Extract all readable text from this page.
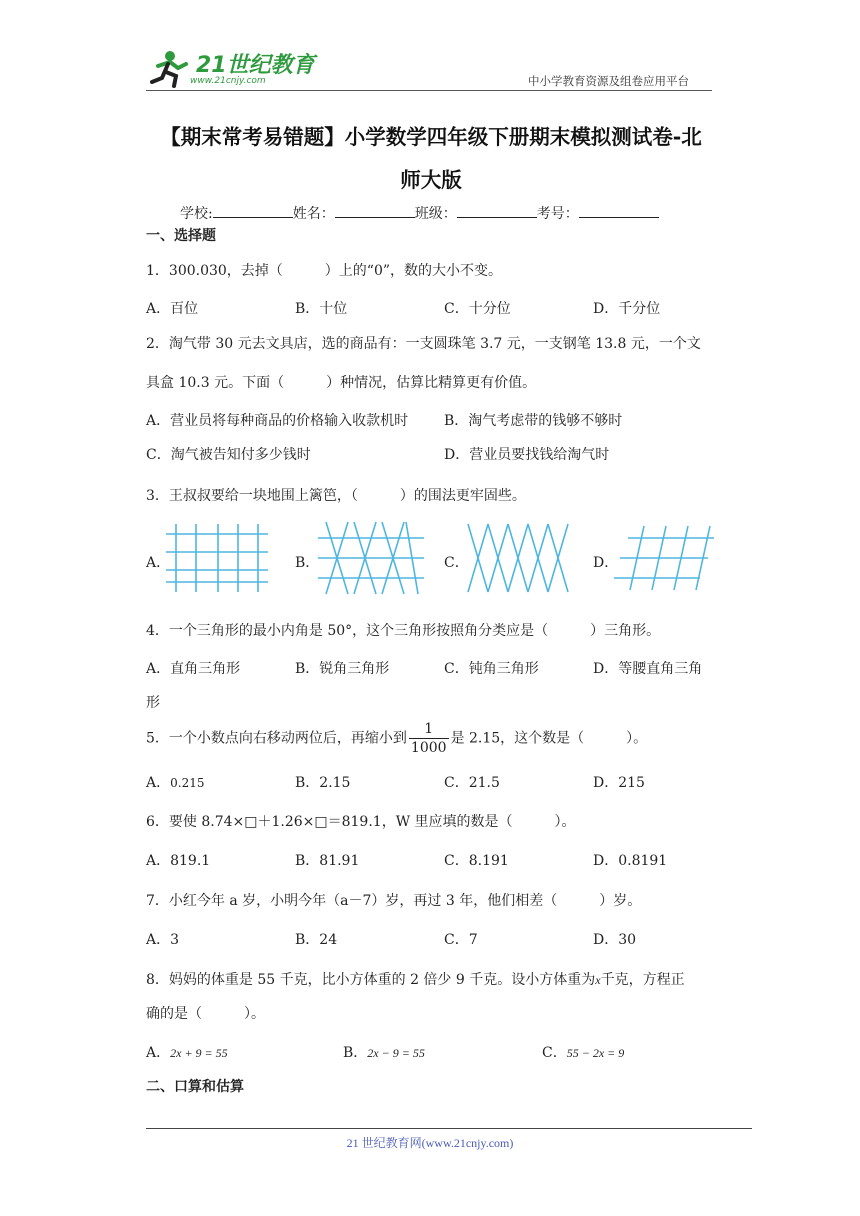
21世纪教育
www.21cnjy.com	中小学教育资源及组卷应用平台
【期末常考易错题】小学数学四年级下册期末模拟测试卷-北
师大版
学校:	姓名：	班级：	考号：
一、选择题
1．300.030，去掉（　　　）上的“0”，数的大小不变。
A．百位	B．十位	C．十分位	D．千分位
2．淘气带 30 元去文具店，选的商品有：一支圆珠笔 3.7 元，一支钢笔 13.8 元，一个文
具盒 10.3 元。下面（　　　）种情况，估算比精算更有价值。
A．营业员将每种商品的价格输入收款机时	B．淘气考虑带的钱够不够时
C．淘气被告知付多少钱时	D．营业员要找钱给淘气时
3．王叔叔要给一块地围上篱笆，（　　　）的围法更牢固些。
A．	B．	C．	D．
4．一个三角形的最小内角是 50°，这个三角形按照角分类应是（　　　）三角形。
A．直角三角形	B．锐角三角形	C．钝角三角形	D．等腰直角三角
形
5．一个小数点向右移动两位后，再缩小到 $\frac{1}{1000}$ 是 2.15，这个数是（　　　）。
A．0.215	B．2.15	C．21.5	D．215
6．要使 8.74×□＋1.26×□＝819.1，W 里应填的数是（　　　）。
A．819.1	B．81.91	C．8.191	D．0.8191
7．小红今年 a 岁，小明今年（a－7）岁，再过 3 年，他们相差（　　　）岁。
A．3	B．24	C．7	D．30
8．妈妈的体重是 55 千克，比小方体重的 2 倍少 9 千克。设小方体重为x千克，方程正
确的是（　　　）。
A．2x + 9 = 55	B．2x − 9 = 55	C．55 − 2x = 9
二、口算和估算
21 世纪教育网(www.21cnjy.com)
